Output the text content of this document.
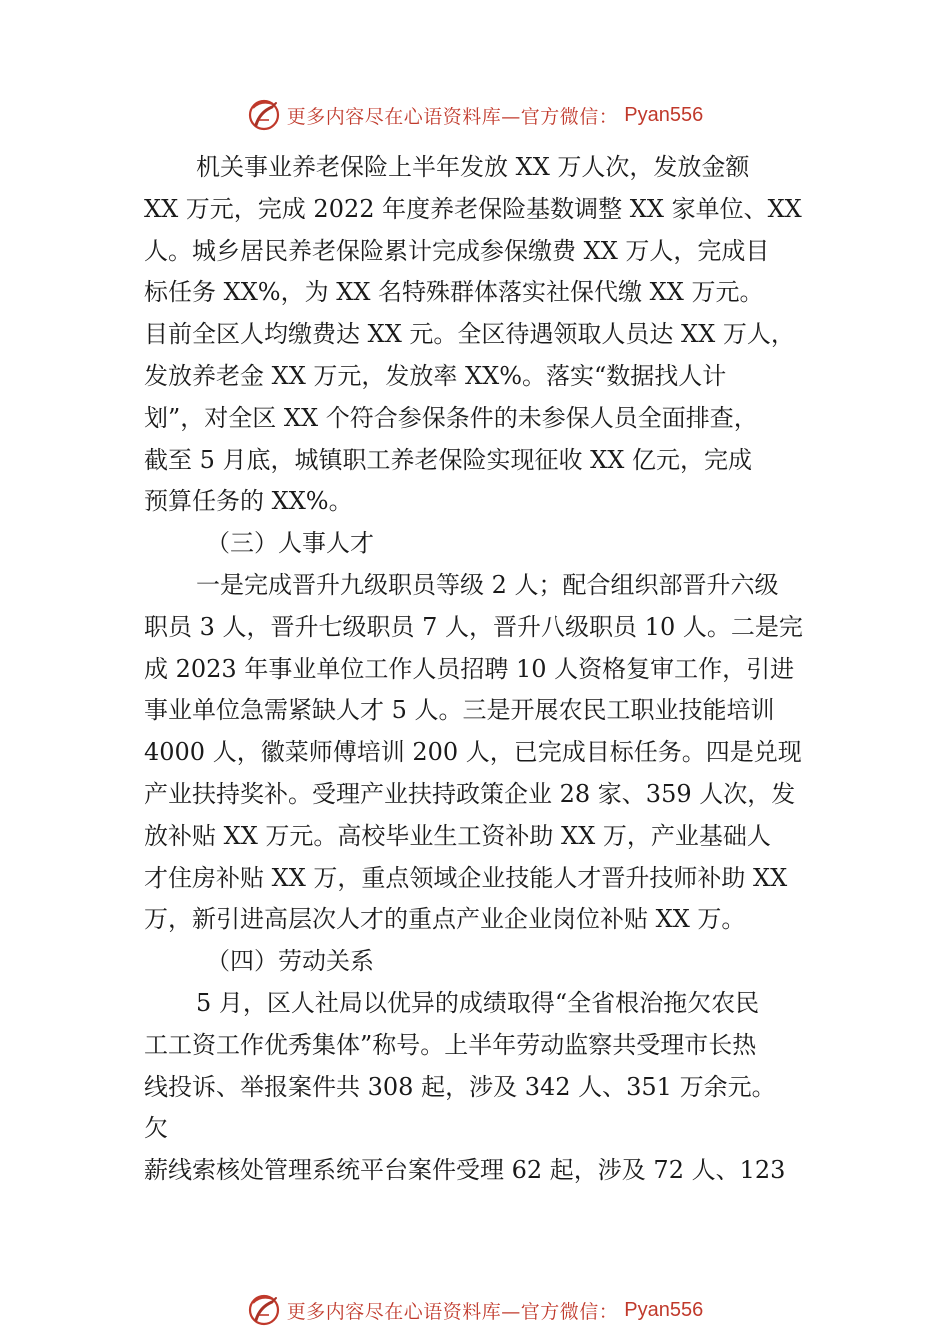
更多内容尽在心语资料库—官方微信： Pyan556
机关事业养老保险上半年发放 XX 万人次，发放金额
XX 万元，完成 2022 年度养老保险基数调整 XX 家单位、XX
人。城乡居民养老保险累计完成参保缴费 XX 万人，完成目
标任务 XX%，为 XX 名特殊群体落实社保代缴 XX 万元。
目前全区人均缴费达 XX 元。全区待遇领取人员达 XX 万人，
发放养老金 XX 万元，发放率 XX%。落实“数据找人计
划”，对全区 XX 个符合参保条件的未参保人员全面排查，
截至 5 月底，城镇职工养老保险实现征收 XX 亿元，完成
预算任务的 XX%。
（三）人事人才
一是完成晋升九级职员等级 2 人；配合组织部晋升六级
职员 3 人，晋升七级职员 7 人，晋升八级职员 10 人。二是完
成 2023 年事业单位工作人员招聘 10 人资格复审工作，引进
事业单位急需紧缺人才 5 人。三是开展农民工职业技能培训
4000 人，徽菜师傅培训 200 人，已完成目标任务。四是兑现
产业扶持奖补。受理产业扶持政策企业 28 家、359 人次，发
放补贴 XX 万元。高校毕业生工资补助 XX 万，产业基础人
才住房补贴 XX 万，重点领域企业技能人才晋升技师补助 XX
万，新引进高层次人才的重点产业企业岗位补贴 XX 万。
（四）劳动关系
5 月，区人社局以优异的成绩取得“全省根治拖欠农民
工工资工作优秀集体”称号。上半年劳动监察共受理市长热
线投诉、举报案件共 308 起，涉及 342 人、351 万余元。
欠
薪线索核处管理系统平台案件受理 62 起，涉及 72 人、123
更多内容尽在心语资料库—官方微信： Pyan556
